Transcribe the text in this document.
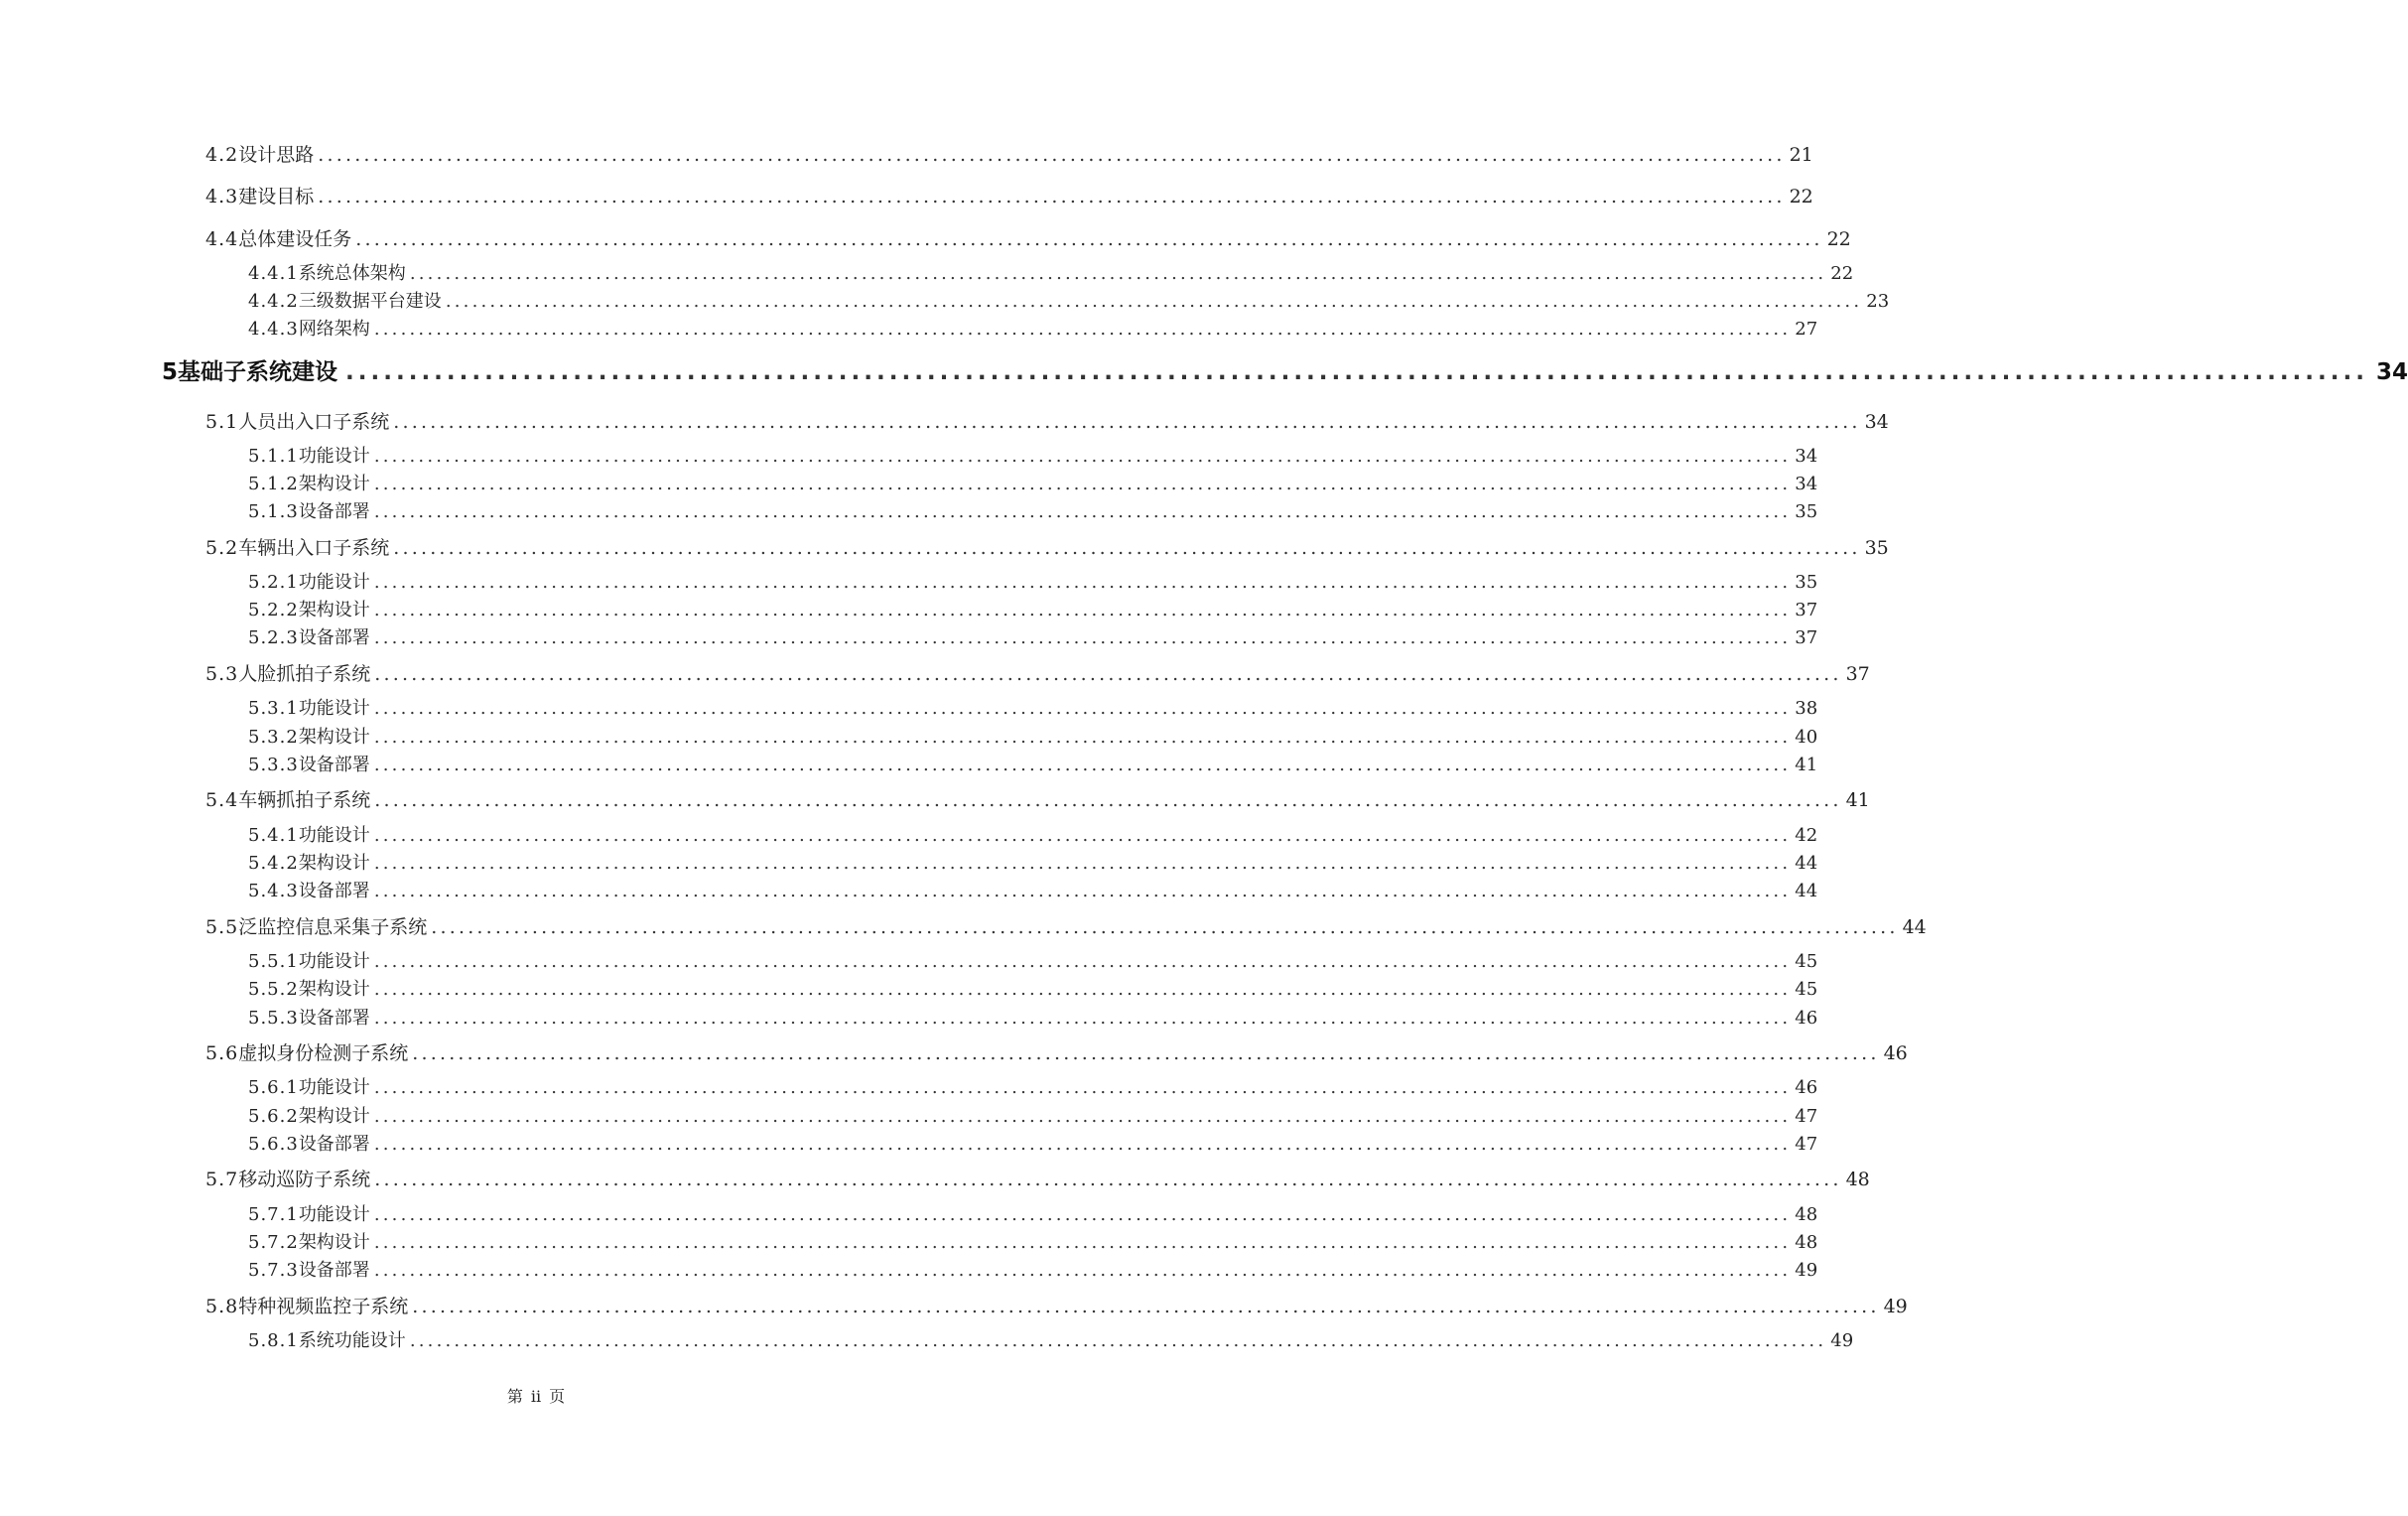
4.2 设计思路 ................................................................................................................................................................ 21
4.3 建设目标 ................................................................................................................................................................ 22
4.4 总体建设任务 ................................................................................................................................................................ 22
4.4.1 系统总体架构 ................................................................................................................................................................ 22
4.4.2 三级数据平台建设 ................................................................................................................................................................ 23
4.4.3 网络架构 ................................................................................................................................................................ 27
5 基础子系统建设 ................................................................................................................................................................ 34
5.1 人员出入口子系统 ................................................................................................................................................................ 34
5.1.1 功能设计 ................................................................................................................................................................ 34
5.1.2 架构设计 ................................................................................................................................................................ 34
5.1.3 设备部署 ................................................................................................................................................................ 35
5.2 车辆出入口子系统 ................................................................................................................................................................ 35
5.2.1 功能设计 ................................................................................................................................................................ 35
5.2.2 架构设计 ................................................................................................................................................................ 37
5.2.3 设备部署 ................................................................................................................................................................ 37
5.3 人脸抓拍子系统 ................................................................................................................................................................ 37
5.3.1 功能设计 ................................................................................................................................................................ 38
5.3.2 架构设计 ................................................................................................................................................................ 40
5.3.3 设备部署 ................................................................................................................................................................ 41
5.4 车辆抓拍子系统 ................................................................................................................................................................ 41
5.4.1 功能设计 ................................................................................................................................................................ 42
5.4.2 架构设计 ................................................................................................................................................................ 44
5.4.3 设备部署 ................................................................................................................................................................ 44
5.5 泛监控信息采集子系统 ................................................................................................................................................................ 44
5.5.1 功能设计 ................................................................................................................................................................ 45
5.5.2 架构设计 ................................................................................................................................................................ 45
5.5.3 设备部署 ................................................................................................................................................................ 46
5.6 虚拟身份检测子系统 ................................................................................................................................................................ 46
5.6.1 功能设计 ................................................................................................................................................................ 46
5.6.2 架构设计 ................................................................................................................................................................ 47
5.6.3 设备部署 ................................................................................................................................................................ 47
5.7 移动巡防子系统 ................................................................................................................................................................ 48
5.7.1 功能设计 ................................................................................................................................................................ 48
5.7.2 架构设计 ................................................................................................................................................................ 48
5.7.3 设备部署 ................................................................................................................................................................ 49
5.8 特种视频监控子系统 ................................................................................................................................................................ 49
5.8.1 系统功能设计 ................................................................................................................................................................ 49
第 ii 页
